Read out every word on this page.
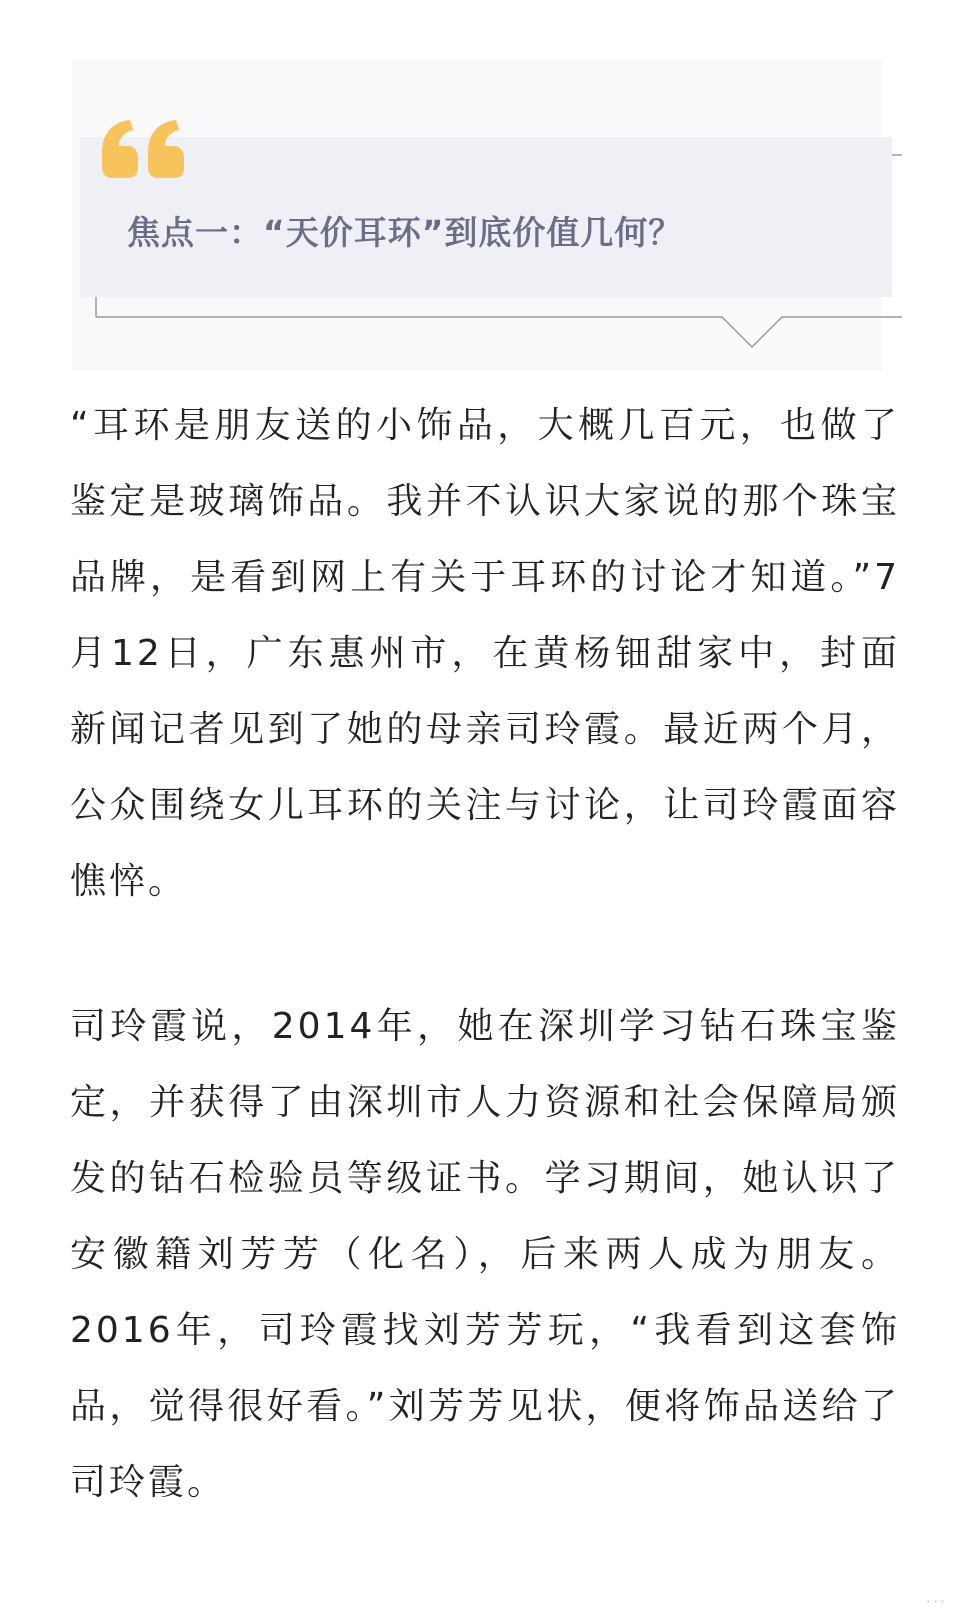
焦点一：“天价耳环”到底价值几何？

“耳环是朋友送的小饰品，大概几百元，也做了鉴定是玻璃饰品。我并不认识大家说的那个珠宝品牌，是看到网上有关于耳环的讨论才知道。”7月12日，广东惠州市，在黄杨钿甜家中，封面新闻记者见到了她的母亲司玲霞。最近两个月，公众围绕女儿耳环的关注与讨论，让司玲霞面容憔悴。

司玲霞说，2014年，她在深圳学习钻石珠宝鉴定，并获得了由深圳市人力资源和社会保障局颁发的钻石检验员等级证书。学习期间，她认识了安徽籍刘芳芳（化名），后来两人成为朋友。2016年，司玲霞找刘芳芳玩，“我看到这套饰品，觉得很好看。”刘芳芳见状，便将饰品送给了司玲霞。

···
